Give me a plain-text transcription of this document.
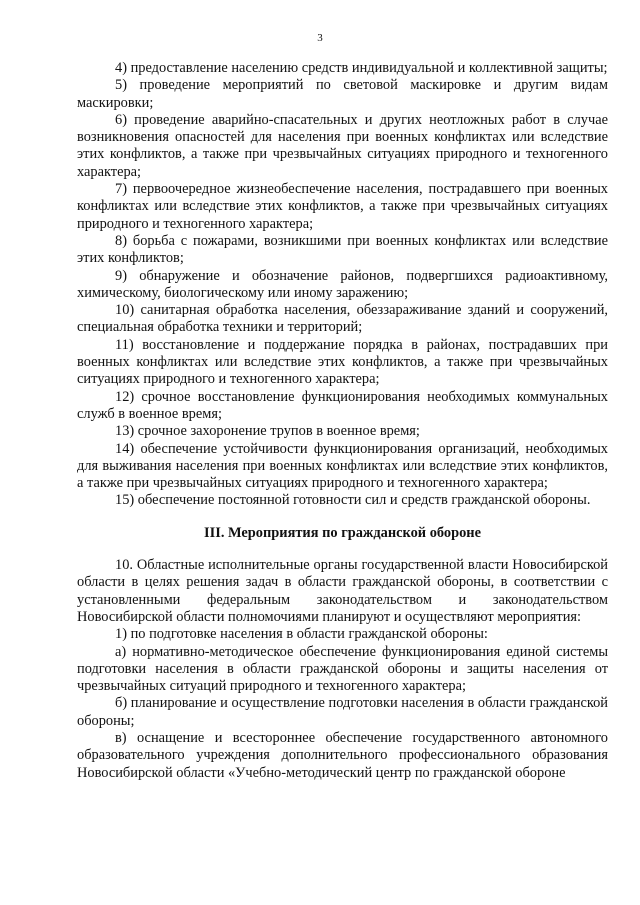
3

4) предоставление населению средств индивидуальной и коллективной защиты;

5) проведение мероприятий по световой маскировке и другим видам маскировки;

6) проведение аварийно-спасательных и других неотложных работ в случае возникновения опасностей для населения при военных конфликтах или вследствие этих конфликтов, а также при чрезвычайных ситуациях природного и техногенного характера;

7) первоочередное жизнеобеспечение населения, пострадавшего при военных конфликтах или вследствие этих конфликтов, а также при чрезвычайных ситуациях природного и техногенного характера;

8) борьба с пожарами, возникшими при военных конфликтах или вследствие этих конфликтов;

9) обнаружение и обозначение районов, подвергшихся радиоактивному, химическому, биологическому или иному заражению;

10) санитарная обработка населения, обеззараживание зданий и сооружений, специальная обработка техники и территорий;

11) восстановление и поддержание порядка в районах, пострадавших при военных конфликтах или вследствие этих конфликтов, а также при чрезвычайных ситуациях природного и техногенного характера;

12) срочное восстановление функционирования необходимых коммунальных служб в военное время;

13) срочное захоронение трупов в военное время;

14) обеспечение устойчивости функционирования организаций, необходимых для выживания населения при военных конфликтах или вследствие этих конфликтов, а также при чрезвычайных ситуациях природного и техногенного характера;

15) обеспечение постоянной готовности сил и средств гражданской обороны.

III. Мероприятия по гражданской обороне

10. Областные исполнительные органы государственной власти Новосибирской области в целях решения задач в области гражданской обороны, в соответствии с установленными федеральным законодательством и законодательством Новосибирской области полномочиями планируют и осуществляют мероприятия:

1) по подготовке населения в области гражданской обороны:

а) нормативно-методическое обеспечение функционирования единой системы подготовки населения в области гражданской обороны и защиты населения от чрезвычайных ситуаций природного и техногенного характера;

б) планирование и осуществление подготовки населения в области гражданской обороны;

в) оснащение и всестороннее обеспечение государственного автономного образовательного учреждения дополнительного профессионального образования Новосибирской области «Учебно-методический центр по гражданской обороне
